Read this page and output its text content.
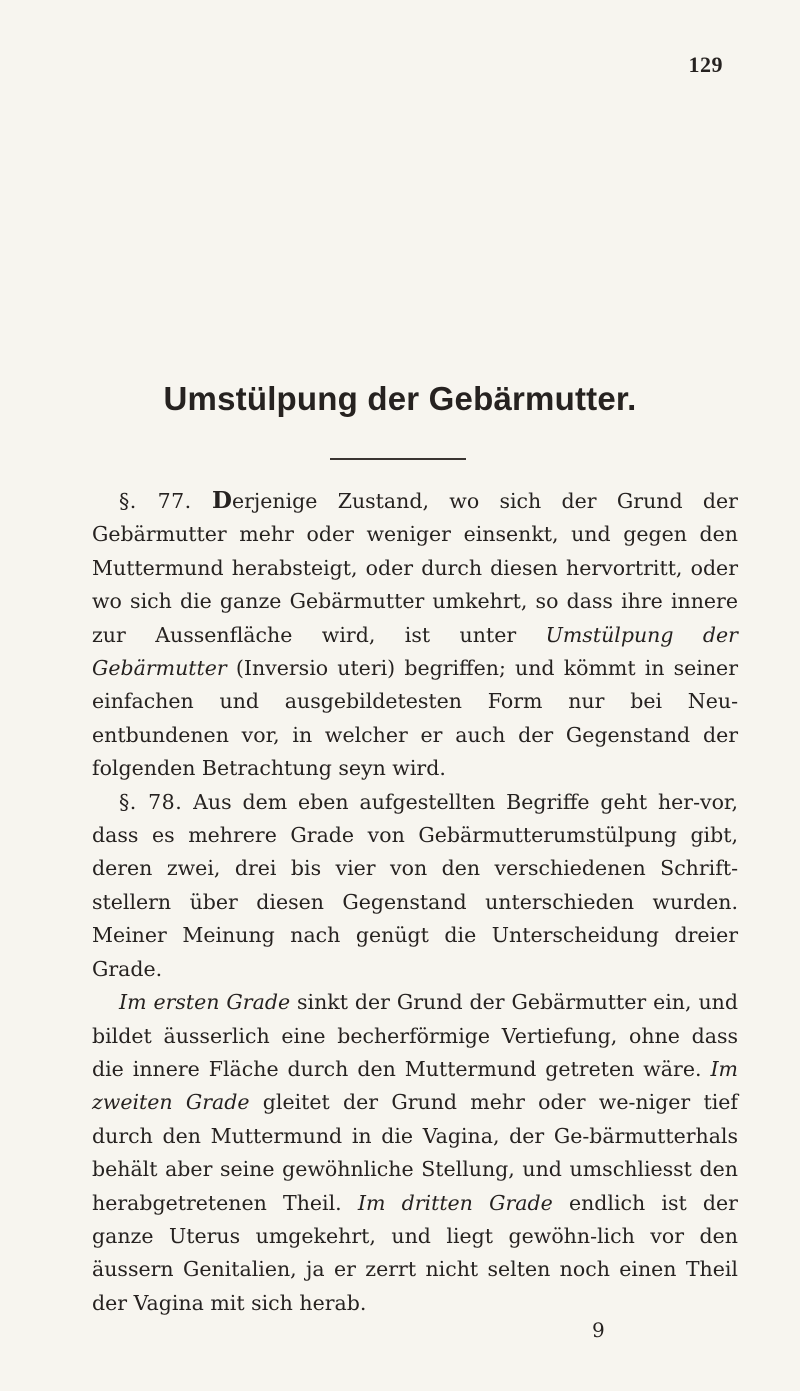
129
Umstülpung der Gebärmutter.

§. 77. Derjenige Zustand, wo sich der Grund der Gebärmutter mehr oder weniger einsenkt, und gegen den Muttermund herabsteigt, oder durch diesen hervortritt, oder wo sich die ganze Gebärmutter umkehrt, so dass ihre innere zur Aussenfläche wird, ist unter Umstülpung der Gebärmutter (Inversio uteri) begriffen; und kömmt in seiner einfachen und ausgebildetesten Form nur bei Neu-entbundenen vor, in welcher er auch der Gegenstand der folgenden Betrachtung seyn wird.

§. 78. Aus dem eben aufgestellten Begriffe geht her-vor, dass es mehrere Grade von Gebärmutterumstülpung gibt, deren zwei, drei bis vier von den verschiedenen Schrift-stellern über diesen Gegenstand unterschieden wurden. Meiner Meinung nach genügt die Unterscheidung dreier Grade.

Im ersten Grade sinkt der Grund der Gebärmutter ein, und bildet äusserlich eine becherförmige Vertiefung, ohne dass die innere Fläche durch den Muttermund getreten wäre. Im zweiten Grade gleitet der Grund mehr oder we-niger tief durch den Muttermund in die Vagina, der Ge-bärmutterhals behält aber seine gewöhnliche Stellung, und umschliesst den herabgetretenen Theil. Im dritten Grade endlich ist der ganze Uterus umgekehrt, und liegt gewöhn-lich vor den äussern Genitalien, ja er zerrt nicht selten noch einen Theil der Vagina mit sich herab.

9
